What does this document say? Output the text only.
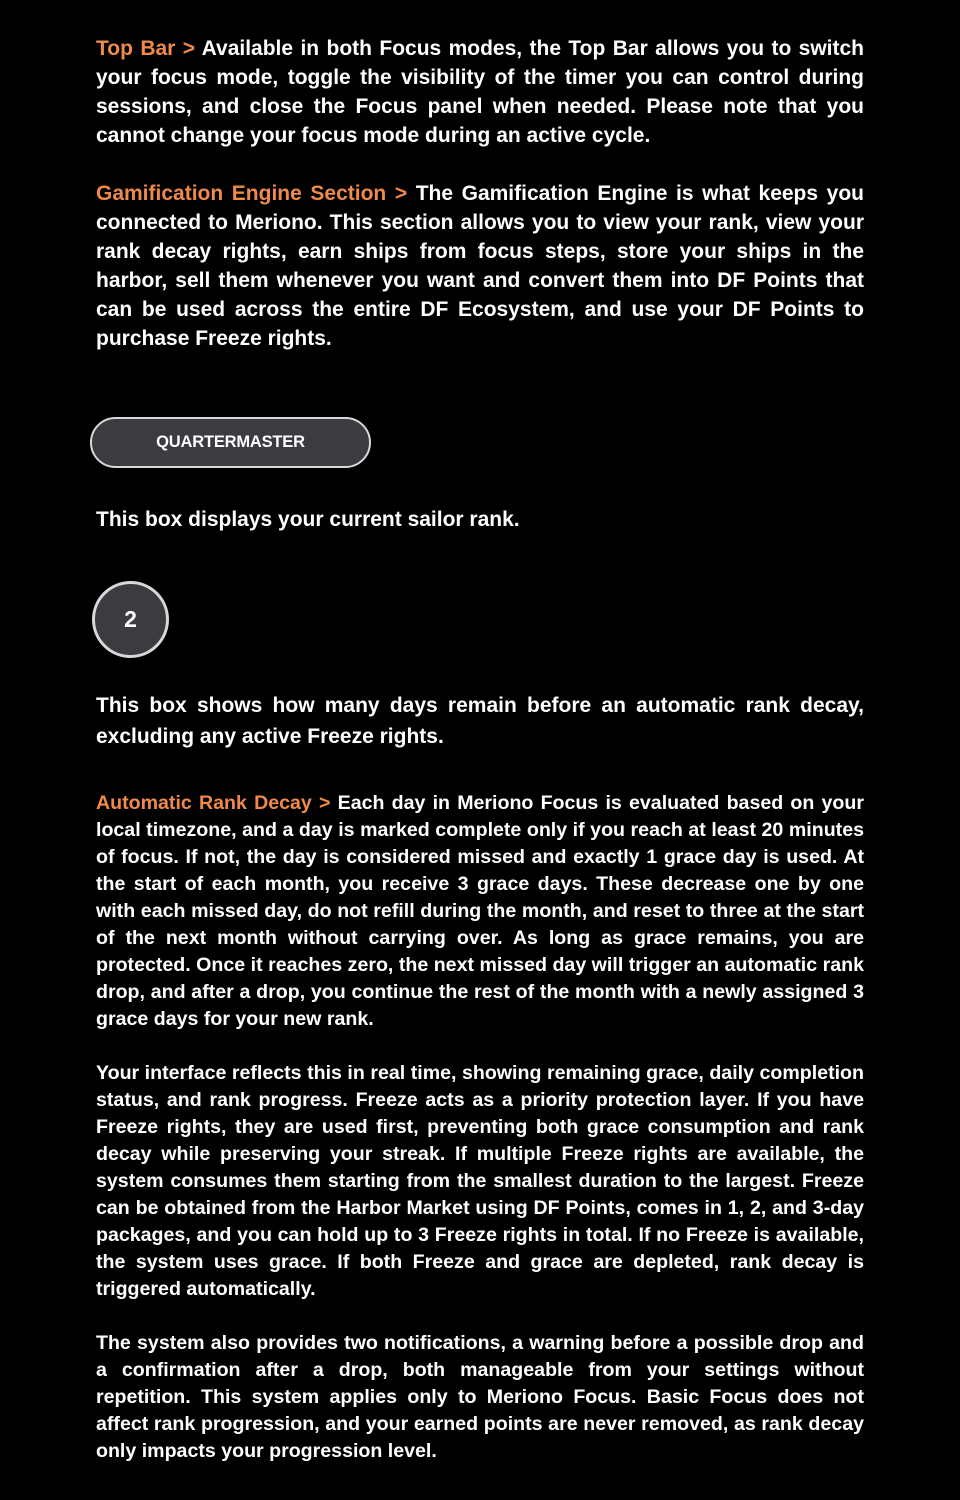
Top Bar > Available in both Focus modes, the Top Bar allows you to switch your focus mode, toggle the visibility of the timer you can control during sessions, and close the Focus panel when needed. Please note that you cannot change your focus mode during an active cycle.

Gamification Engine Section > The Gamification Engine is what keeps you connected to Meriono. This section allows you to view your rank, view your rank decay rights, earn ships from focus steps, store your ships in the harbor, sell them whenever you want and convert them into DF Points that can be used across the entire DF Ecosystem, and use your DF Points to purchase Freeze rights.

This box displays your current sailor rank.

This box shows how many days remain before an automatic rank decay, excluding any active Freeze rights.

Automatic Rank Decay > Each day in Meriono Focus is evaluated based on your local timezone, and a day is marked complete only if you reach at least 20 minutes of focus. If not, the day is considered missed and exactly 1 grace day is used. At the start of each month, you receive 3 grace days. These decrease one by one with each missed day, do not refill during the month, and reset to three at the start of the next month without carrying over. As long as grace remains, you are protected. Once it reaches zero, the next missed day will trigger an automatic rank drop, and after a drop, you continue the rest of the month with a newly assigned 3 grace days for your new rank.

Your interface reflects this in real time, showing remaining grace, daily completion status, and rank progress. Freeze acts as a priority protection layer. If you have Freeze rights, they are used first, preventing both grace consumption and rank decay while preserving your streak. If multiple Freeze rights are available, the system consumes them starting from the smallest duration to the largest. Freeze can be obtained from the Harbor Market using DF Points, comes in 1, 2, and 3-day packages, and you can hold up to 3 Freeze rights in total. If no Freeze is available, the system uses grace. If both Freeze and grace are depleted, rank decay is triggered automatically.

The system also provides two notifications, a warning before a possible drop and a confirmation after a drop, both manageable from your settings without repetition. This system applies only to Meriono Focus. Basic Focus does not affect rank progression, and your earned points are never removed, as rank decay only impacts your progression level.

QUARTERMASTER
2
